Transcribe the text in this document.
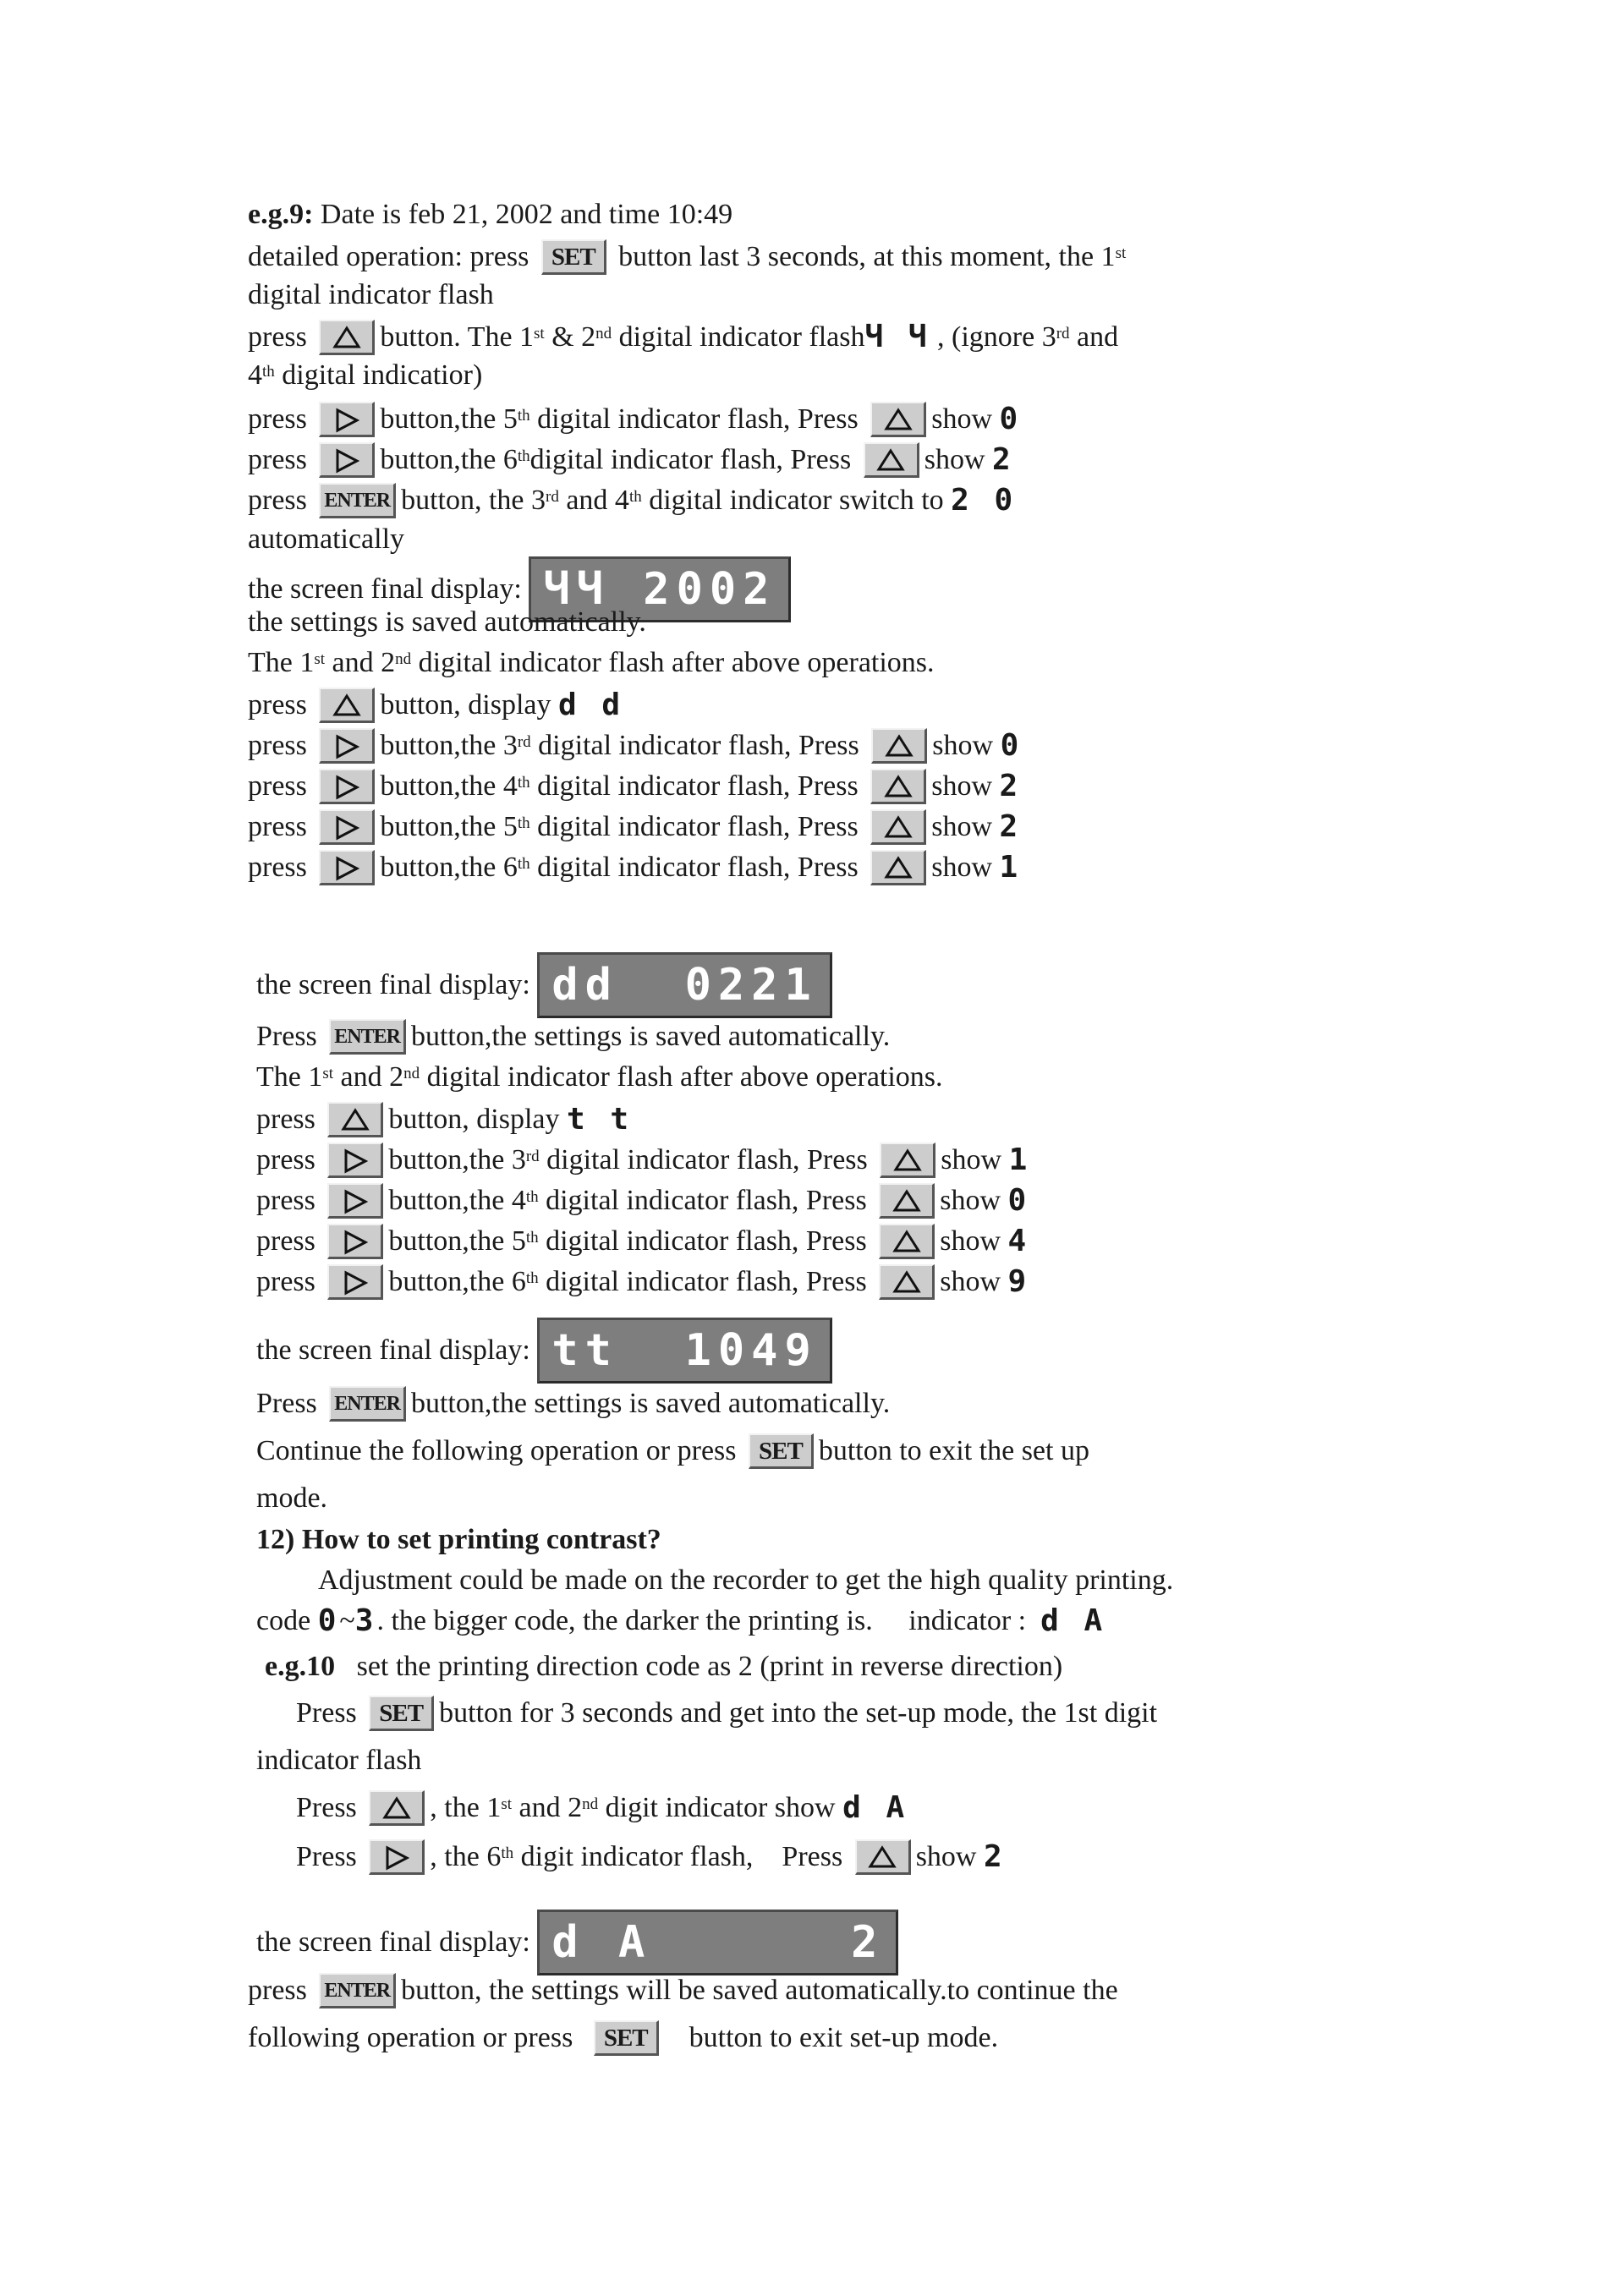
e.g.9: Date is feb 21, 2002 and time 10:49
detailed operation: press SET button last 3 seconds, at this moment, the 1st
digital indicator flash
press	button. The 1st & 2nd digital indicator flashЧ Ч , (ignore 3rd and
4th digital indicatior)
press	button,the 5th digital indicator flash, Press	show 0
press	button,the 6thdigital indicator flash, Press	show 2
press ENTER button, the 3rd and 4th digital indicator switch to 2 0
automatically
the screen final display: ЧЧ 2002
the settings is saved automatically.
The 1st and 2nd digital indicator flash after above operations.
press	button, display d d
press	button,the 3rd digital indicator flash, Press	show 0
press	button,the 4th digital indicator flash, Press	show 2
press	button,the 5th digital indicator flash, Press	show 2
press	button,the 6th digital indicator flash, Press	show 1
the screen final display: dd  0221
Press ENTER button,the settings is saved automatically.
The 1st and 2nd digital indicator flash after above operations.
press	button, display t t
press	button,the 3rd digital indicator flash, Press	show 1
press	button,the 4th digital indicator flash, Press	show 0
press	button,the 5th digital indicator flash, Press	show 4
press	button,the 6th digital indicator flash, Press	show 9
the screen final display: tt  1049
Press ENTER button,the settings is saved automatically.
Continue the following operation or press SET button to exit the set up
mode.
12) How to set printing contrast?
Adjustment could be made on the recorder to get the high quality printing.
code 0~3. the bigger code, the darker the printing is. indicator : d A
e.g.10 set the printing direction code as 2 (print in reverse direction)
Press SET button for 3 seconds and get into the set-up mode, the 1st digit
indicator flash
Press	, the 1st and 2nd digit indicator show d A
Press	, the 6th digit indicator flash, Press	show 2
the screen final display: d A      2
press ENTER button, the settings will be saved automatically.to continue the
following operation or press SET button to exit set-up mode.
